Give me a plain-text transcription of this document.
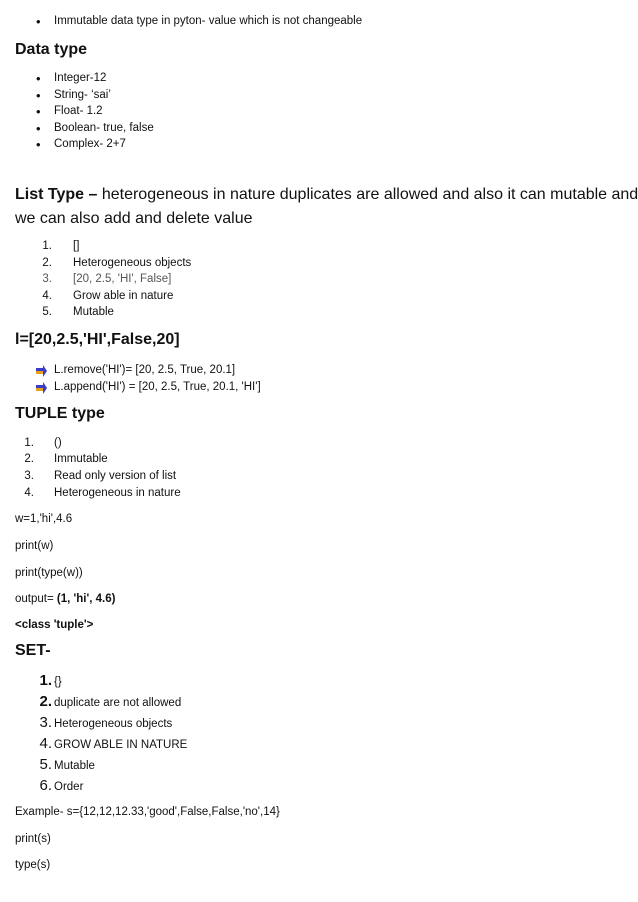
• Immutable data type in pyton- value which is not changeable
Data type
• Integer-12
• String- ‘sai’
• Float- 1.2
• Boolean- true, false
• Complex- 2+7
List Type – heterogeneous in nature duplicates are allowed and also it can mutable and
we can also add and delete value
1. []
2. Heterogeneous objects
3. [20, 2.5, 'HI', False]
4. Grow able in nature
5. Mutable
l=[20,2.5,'HI',False,20]
L.remove('HI')= [20, 2.5, True, 20.1]
L.append('HI') = [20, 2.5, True, 20.1, 'HI']
TUPLE type
1. ()
2. Immutable
3. Read only version of list
4. Heterogeneous in nature
w=1,'hi',4.6
print(w)
print(type(w))
output= (1, 'hi', 4.6)
<class 'tuple'>
SET-
1. {}
2. duplicate are not allowed
3. Heterogeneous objects
4. GROW ABLE IN NATURE
5. Mutable
6. Order
Example- s={12,12,12.33,'good',False,False,'no',14}
print(s)
type(s)
